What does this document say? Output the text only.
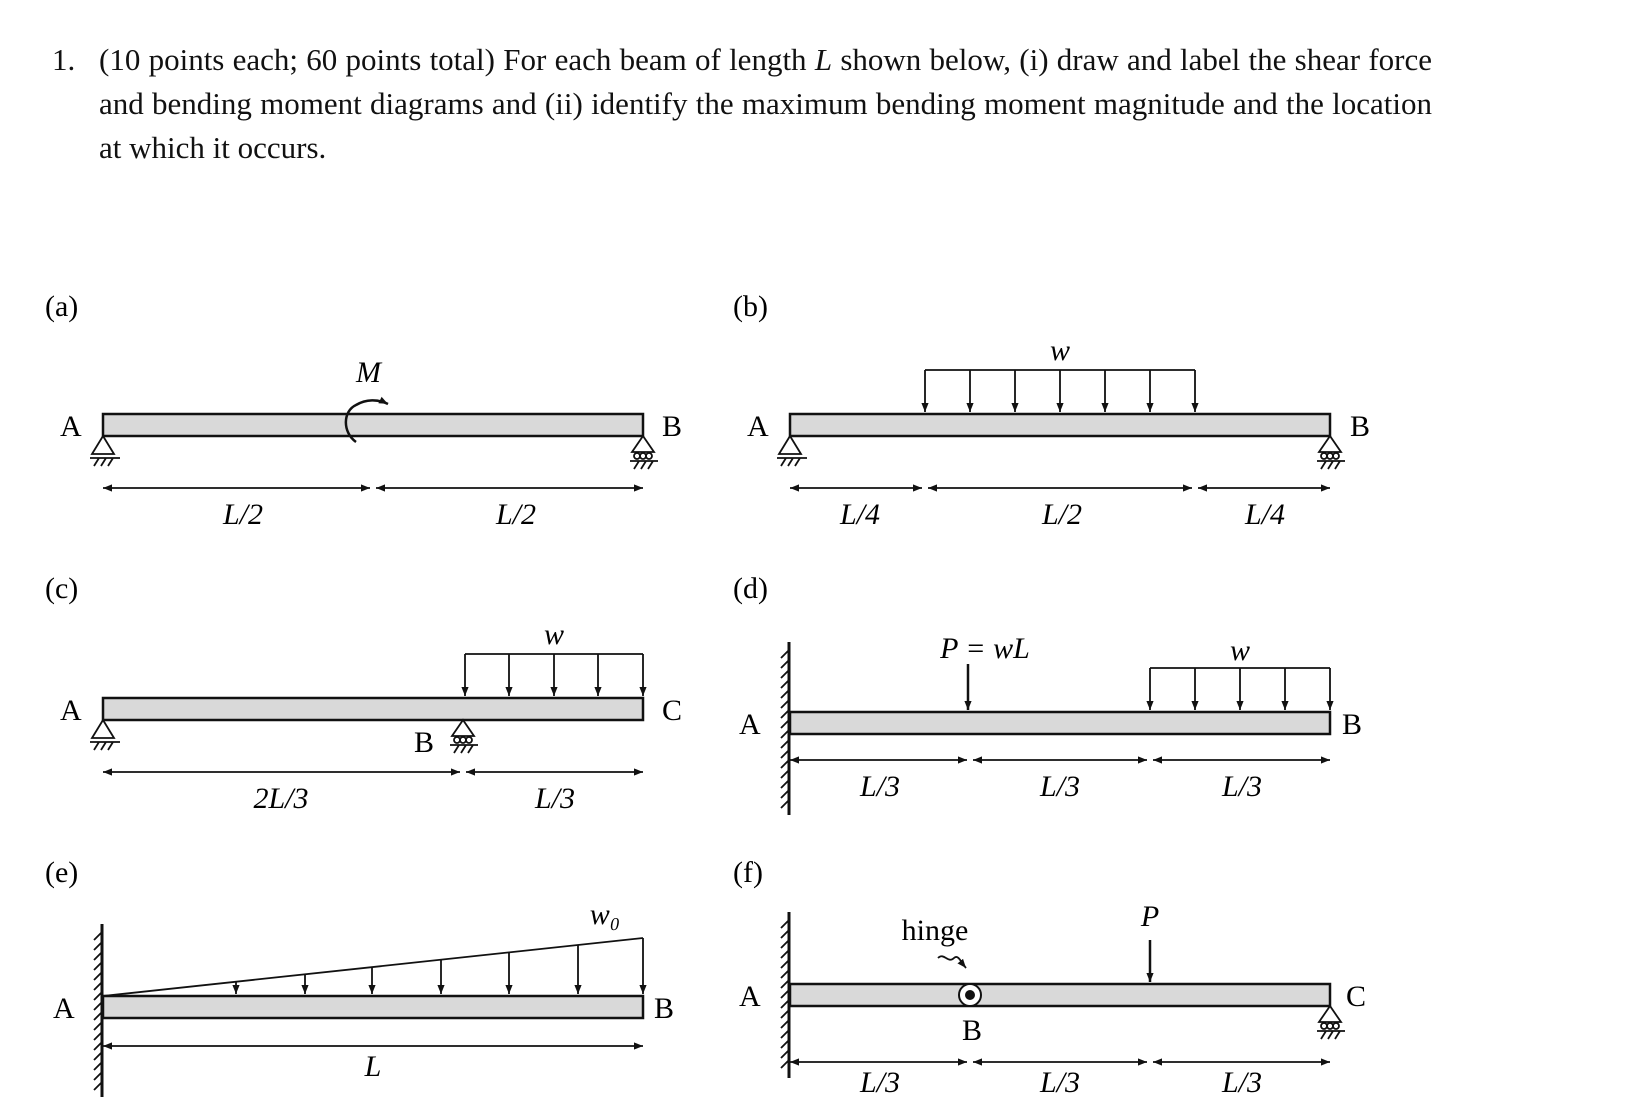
1. (10 points each; 60 points total) For each beam of length L shown below, (i) draw and label the shear force and bending moment diagrams and (ii) identify the maximum bending moment magnitude and the location at which it occurs.
(a)
A	B
M
L/2	L/2
(b)
A	B
w
L/4	L/2	L/4
(c)
A	C
B
w
2L/3	L/3
(d)
A	B
P = wL	w
L/3	L/3	L/3
(e)
A	B
w₀
L
(f)
A	C
B
hinge	P
L/3	L/3	L/3
